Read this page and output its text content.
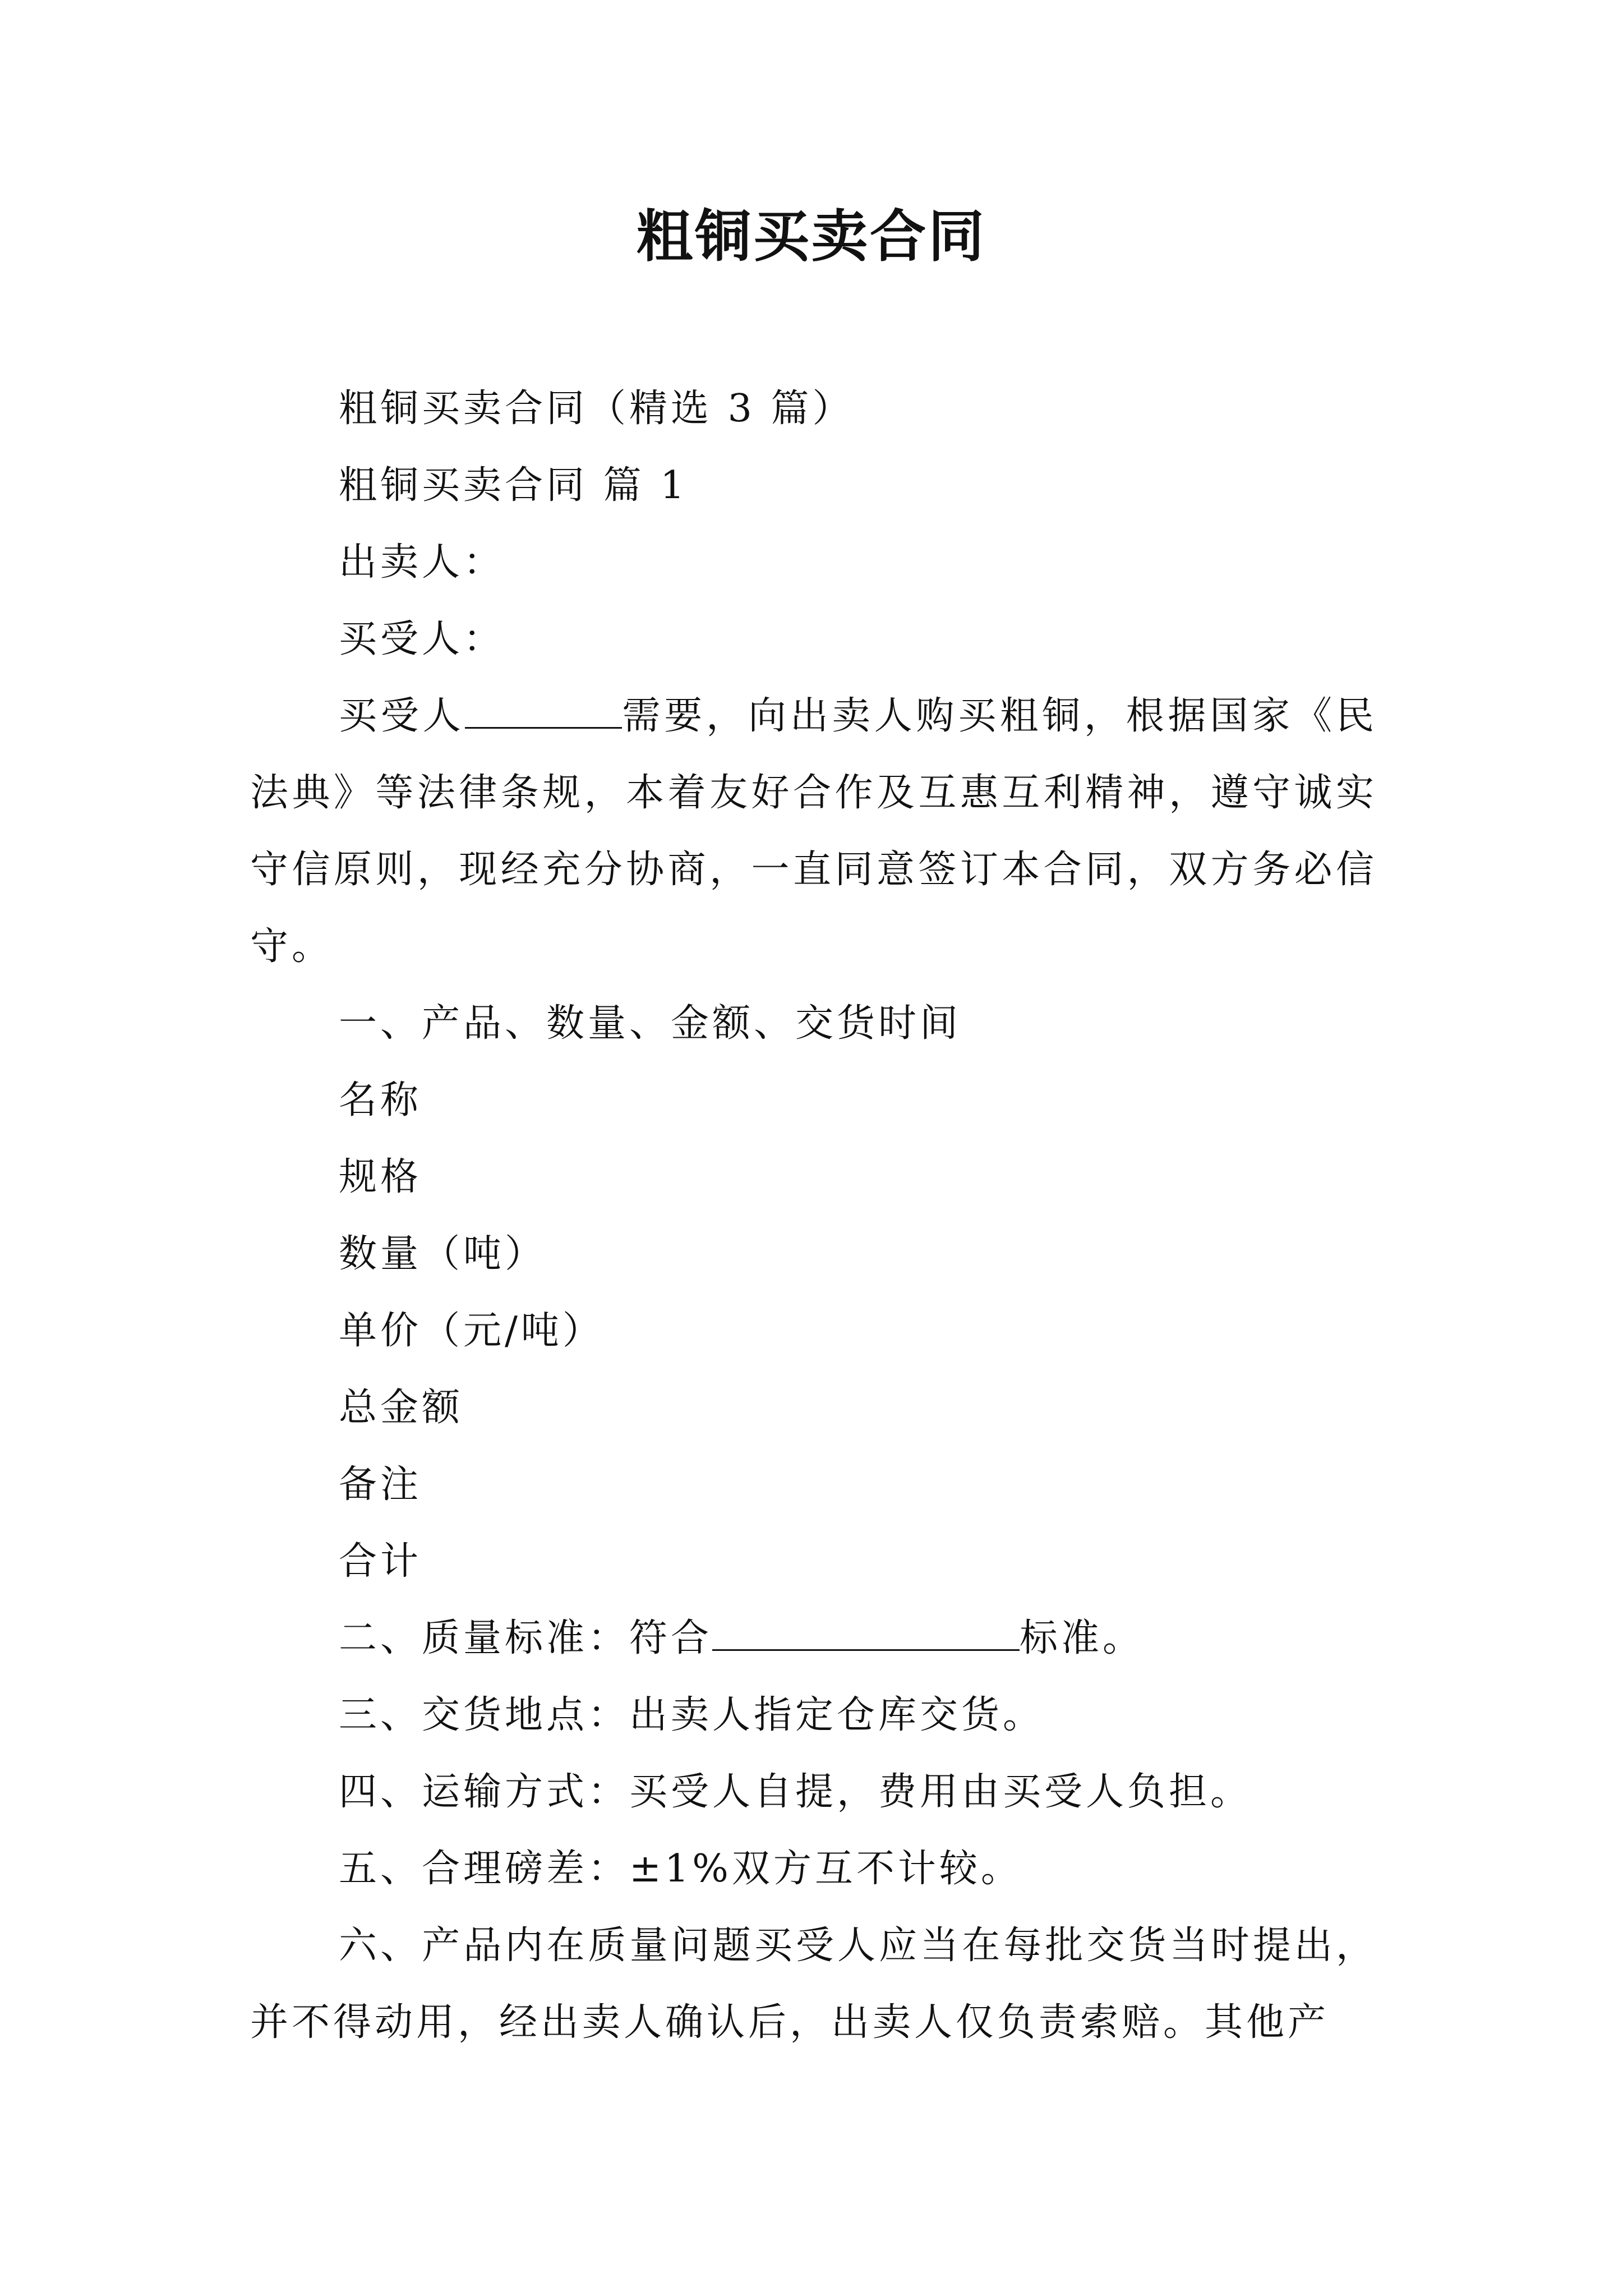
粗铜买卖合同
粗铜买卖合同（精选 3 篇）
粗铜买卖合同 篇 1
出卖人：
买受人：
买受人	需要，向出卖人购买粗铜，根据国家《民法典》等法律条规，本着友好合作及互惠互利精神，遵守诚实守信原则，现经充分协商，一直同意签订本合同，双方务必信守。
一、产品、数量、金额、交货时间
名称
规格
数量（吨）
单价（元/吨）
总金额
备注
合计
二、质量标准：符合	标准。
三、交货地点：出卖人指定仓库交货。
四、运输方式：买受人自提，费用由买受人负担。
五、合理磅差：±1%双方互不计较。
六、产品内在质量问题买受人应当在每批交货当时提出，并不得动用，经出卖人确认后，出卖人仅负责索赔。其他产
